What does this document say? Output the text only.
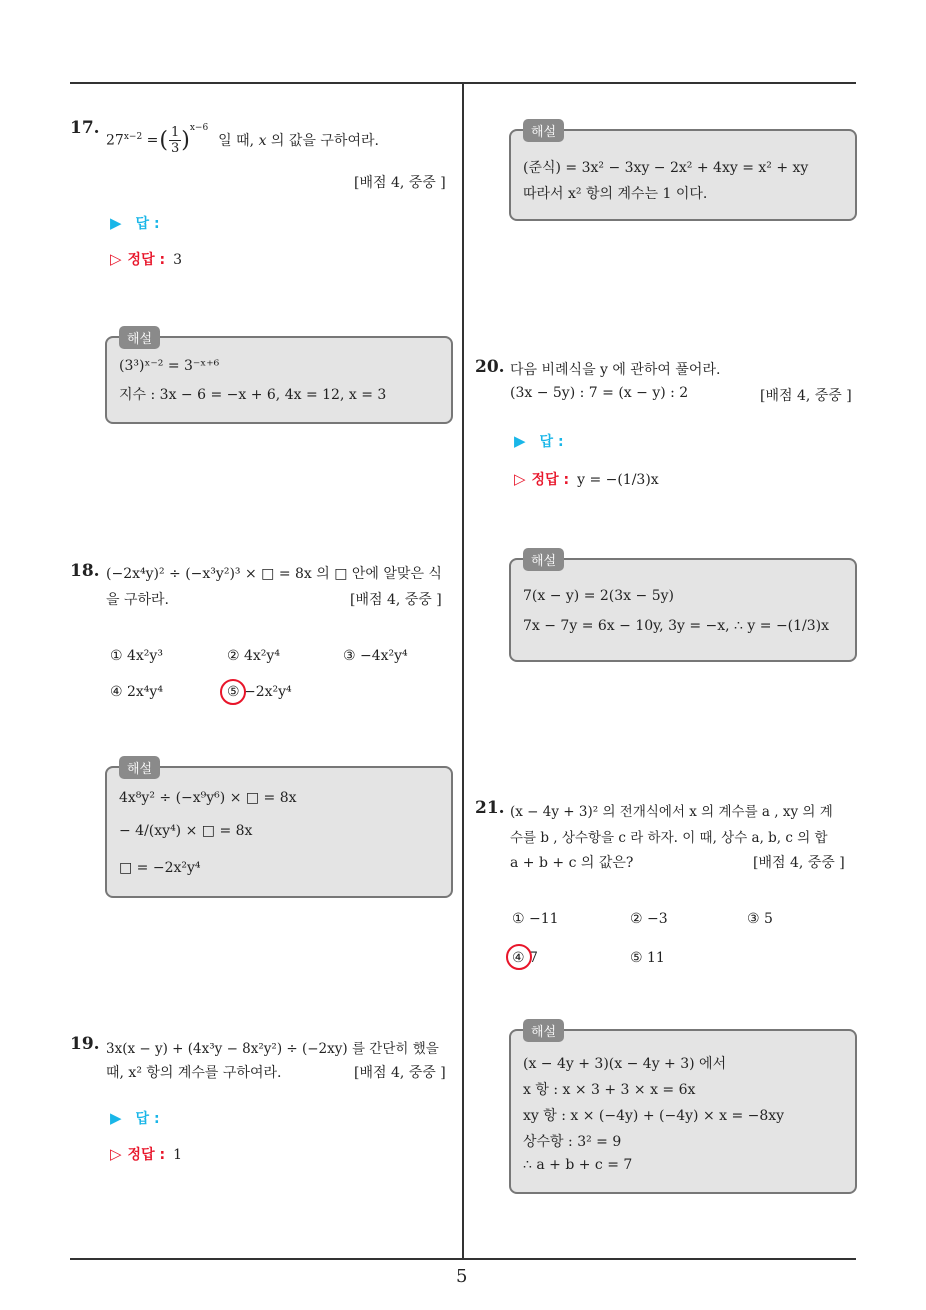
17.
$27^{x-2}$ = ( 1
3 )$^{x-6}$
일 때, x 의 값을 구하여라.
[배점 4, 중중 ]
▶ 답 :
▷ 정답 : 3
해설
(3³)ˣ⁻² = 3⁻ˣ⁺⁶
지수 : 3x − 6 = −x + 6, 4x = 12, x = 3
18. (−2x⁴y)² ÷ (−x³y²)³ × □ = 8x 의 □ 안에 알맞은 식
을 구하라.	[배점 4, 중중 ]
① 4x²y³	② 4x²y⁴	③ −4x²y⁴
④ 2x⁴y⁴	⑤ −2x²y⁴
해설
4x⁸y² ÷ (−x⁹y⁶) × □ = 8x
− 4/(xy⁴) × □ = 8x
□ = −2x²y⁴
19. 3x(x − y) + (4x³y − 8x²y²) ÷ (−2xy) 를 간단히 했을
때, x² 항의 계수를 구하여라.	[배점 4, 중중 ]
▶ 답 :
▷ 정답 : 1
해설
(준식) = 3x² − 3xy − 2x² + 4xy = x² + xy
따라서 x² 항의 계수는 1 이다.
20. 다음 비례식을 y 에 관하여 풀어라.
(3x − 5y) : 7 = (x − y) : 2	[배점 4, 중중 ]
▶ 답 :
▷ 정답 : y = −(1/3)x
해설
7(x − y) = 2(3x − 5y)
7x − 7y = 6x − 10y, 3y = −x, ∴ y = −(1/3)x
21. (x − 4y + 3)² 의 전개식에서 x 의 계수를 a , xy 의 계
수를 b , 상수항을 c 라 하자. 이 때, 상수 a, b, c 의 합
a + b + c 의 값은?	[배점 4, 중중 ]
① −11	② −3	③ 5
④ 7	⑤ 11
해설
(x − 4y + 3)(x − 4y + 3) 에서
x 항 : x × 3 + 3 × x = 6x
xy 항 : x × (−4y) + (−4y) × x = −8xy
상수항 : 3² = 9
∴ a + b + c = 7
5
